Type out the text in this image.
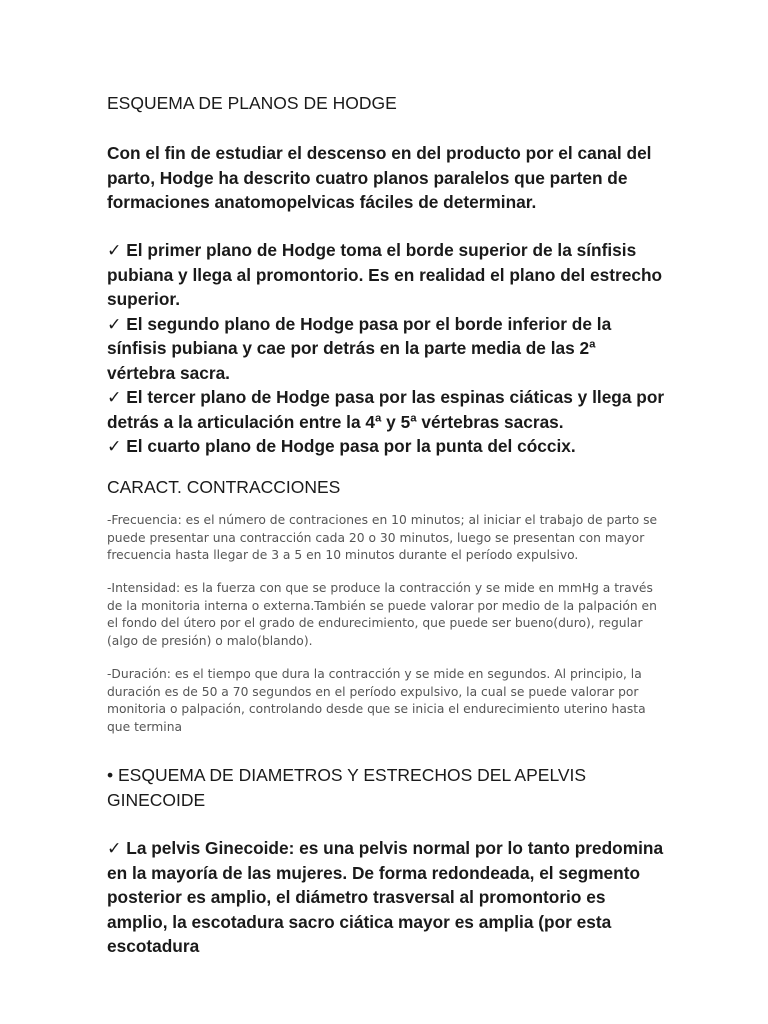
ESQUEMA DE PLANOS DE HODGE

Con el fin de estudiar el descenso en del producto por el canal del parto, Hodge ha descrito cuatro planos paralelos que parten de formaciones anatomopelvicas fáciles de determinar.

✓ El primer plano de Hodge toma el borde superior de la sínfisis pubiana y llega al promontorio. Es en realidad el plano del estrecho superior.
✓ El segundo plano de Hodge pasa por el borde inferior de la sínfisis pubiana y cae por detrás en la parte media de las 2ª vértebra sacra.
✓ El tercer plano de Hodge pasa por las espinas ciáticas y llega por detrás a la articulación entre la 4ª y 5ª vértebras sacras.
✓ El cuarto plano de Hodge pasa por la punta del cóccix.
CARACT. CONTRACCIONES

-Frecuencia: es el número de contraciones en 10 minutos; al iniciar el trabajo de parto se puede presentar una contracción cada 20 o 30 minutos, luego se presentan con mayor frecuencia hasta llegar de 3 a 5 en 10 minutos durante el período expulsivo.

-Intensidad: es la fuerza con que se produce la contracción y se mide en mmHg a través de la monitoria interna o externa.También se puede valorar por medio de la palpación en el fondo del útero por el grado de endurecimiento, que puede ser bueno(duro), regular (algo de presión) o malo(blando).

-Duración: es el tiempo que dura la contracción y se mide en segundos. Al principio, la duración es de 50 a 70 segundos en el período expulsivo, la cual se puede valorar por monitoria o palpación, controlando desde que se inicia el endurecimiento uterino hasta que termina

• ESQUEMA DE DIAMETROS Y ESTRECHOS DEL APELVIS GINECOIDE

✓ La pelvis Ginecoide: es una pelvis normal por lo tanto predomina en la mayoría de las mujeres. De forma redondeada, el segmento posterior es amplio, el diámetro trasversal al promontorio es amplio, la escotadura sacro ciática mayor es amplia (por esta escotadura
